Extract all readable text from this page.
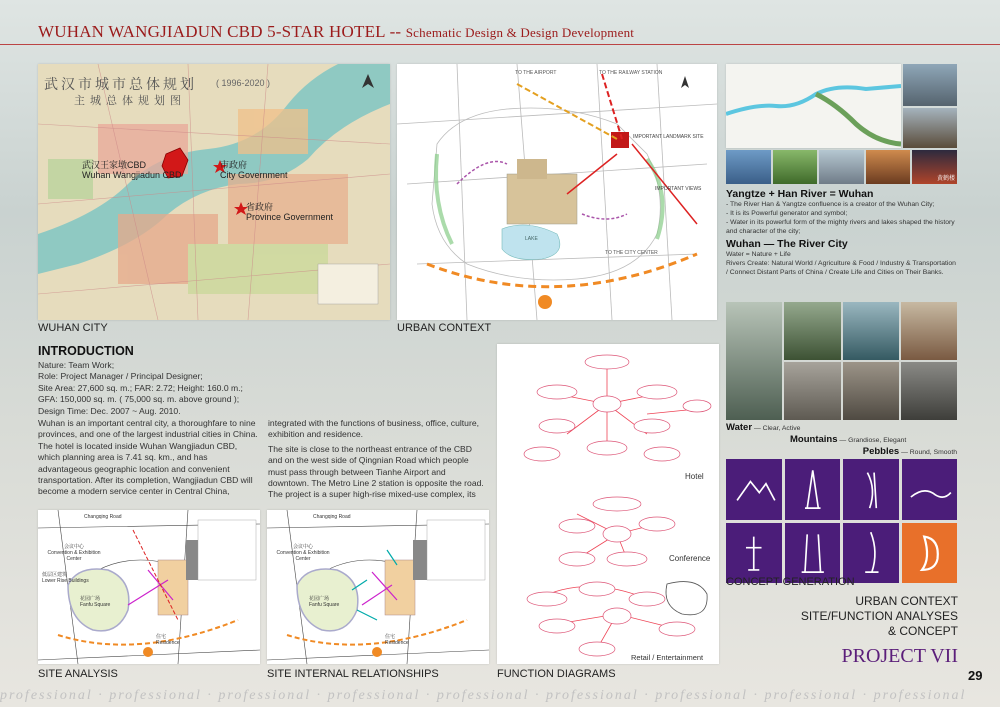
WUHAN WANGJIADUN CBD 5-STAR HOTEL -- Schematic Design & Design Development
武汉市城市总体规划 ( 1996-2020 )
主城总体规划图
武汉王家墩CBD
Wuhan Wangjiadun CBD
市政府
City Government
省政府
Province Government
WUHAN CITY
TO THE AIRPORT	TO THE RAILWAY STATION
IMPORTANT LANDMARK SITE
IMPORTANT VIEWS
LAKE
TO THE CITY CENTER
URBAN CONTEXT
INTRODUCTION
Nature: Team Work;
Role: Project Manager / Principal Designer;
Site Area: 27,600 sq. m.; FAR: 2.72; Height: 160.0 m.;
GFA: 150,000 sq. m. ( 75,000 sq. m. above ground );
Design Time: Dec. 2007 ~ Aug. 2010.

Wuhan is an important central city, a thoroughfare to nine provinces, and one of the largest industrial cities in China. The hotel is located inside Wuhan Wangjiadun CBD, which planning area is 7.41 sq. km., and has advantageous geographic location and convenient transportation. After its completion, Wangjiadun CBD will become a modern service center in Central China, integrated with the functions of business, office, culture, exhibition and residence.

The site is close to the northeast entrance of the CBD and on the west side of Qingnian Road which people must pass through between Tianhe Airport and downtown. The Metro Line 2 station is opposite the road. The project is a super high-rise mixed-use complex, its

Hotel
Conference
Retail / Entertainment
FUNCTION DIAGRAMS
Changqing Road
会议中心
Convention & Exhibition Center
低层区建筑
Lower Rise Buildings
花园广场
Fanfu Square
住宅
Residence
SITE ANALYSIS
Changqing Road
会议中心
Convention & Exhibition Center
花园广场
Fanfu Square
住宅
Residence
SITE INTERNAL RELATIONSHIPS
黄鹤楼
Yangtze + Han River = Wuhan
- The River Han & Yangtze confluence is a creator of the Wuhan City;
- It is its Powerful generator and symbol;
- Water in its powerful form of the mighty rivers and lakes shaped the history and character of the city;
Wuhan — The River City
Water = Nature + Life
Rivers Create: Natural World / Agriculture & Food / Industry & Transportation / Connect Distant Parts of China / Create Life and Cities on Their Banks.
Water — Clear, Active
Mountains — Grandiose, Elegant
Pebbles — Round, Smooth
CONCEPT GENERATION
URBAN CONTEXT
SITE/FUNCTION ANALYSES
& CONCEPT
PROJECT VII
29
professional · professional · professional · professional · professional · professional · professional · professional · professional
